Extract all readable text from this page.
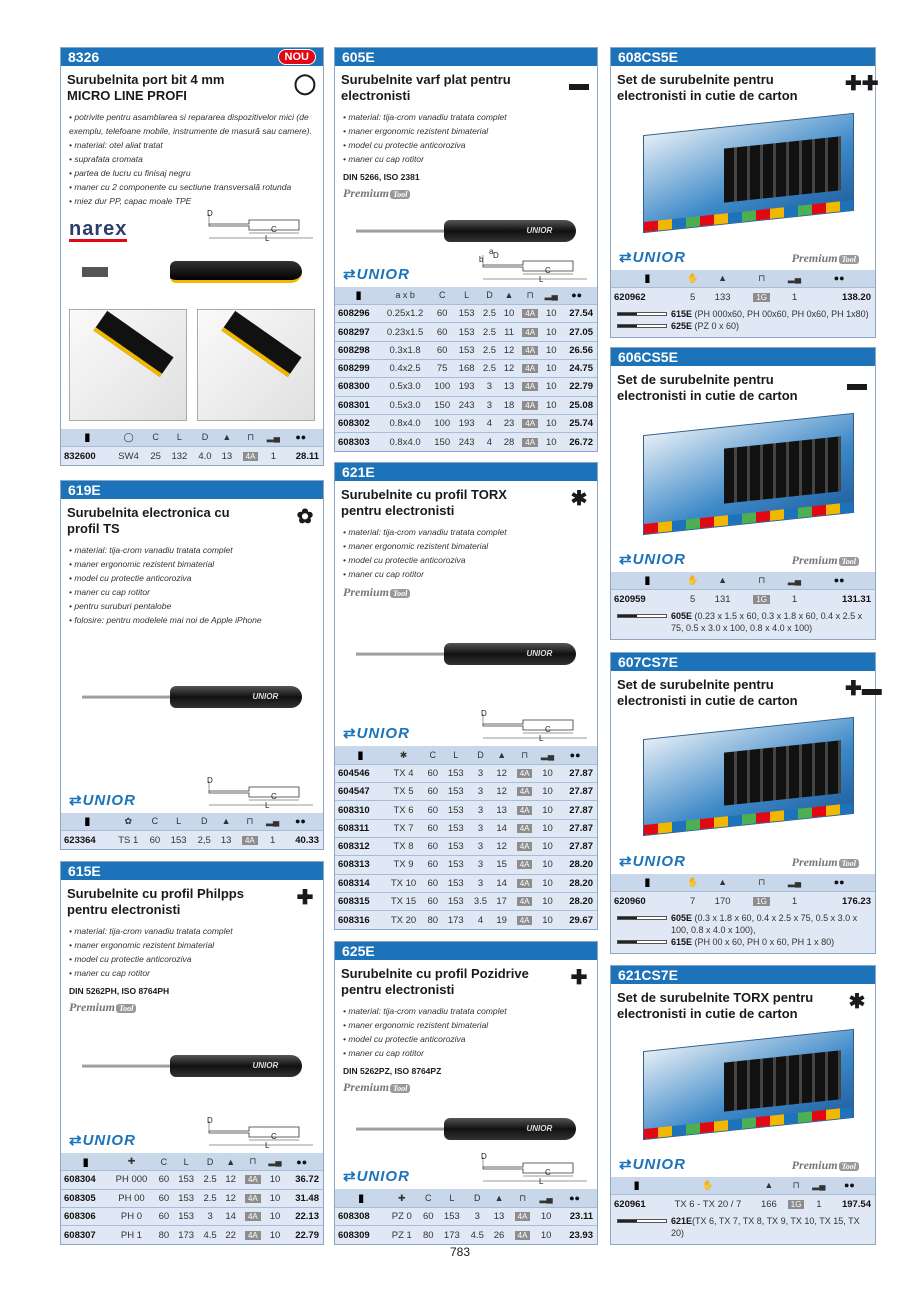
8326	NOU
Surubelnita port bit 4 mm
MICRO LINE PROFI
◯
• potrivite pentru asamblarea si repararea dispozitivelor mici (de exemplu, telefoane mobile, instrumente de masură sau camere).
• material: otel aliat tratat
• suprafata cromata
• partea de lucru cu finisaj negru
• maner cu 2 componente cu sectiune transversală rotunda
• miez dur PP, capac moale TPE
narex
D
C
L
|||||||	◯	C	L	D	▲	⊓	▂▄	●●
832600	SW4	25	132	4.0	13	4A	1	28.11
619E
Surubelnita electronica cu
profil TS
✿
• material: tija-crom vanadiu tratata complet
• maner ergonomic rezistent bimaterial
• model cu protectie anticoroziva
• maner cu cap rotitor
• pentru suruburi pentalobe
• folosire: pentru modelele mai noi de Apple iPhone
UNIOR
⇄ UNIOR
D
C
L
|||||||	✿	C	L	D	▲	⊓	▂▄	●●
623364	TS 1	60	153	2,5	13	4A	1	40.33
615E
Surubelnite cu profil Philpps
pentru electronisti
✚
• material: tija-crom vanadiu tratata complet
• maner ergonomic rezistent bimaterial
• model cu protectie anticoroziva
• maner cu cap rotitor
DIN 5262PH, ISO 8764PH
Premium Tool
UNIOR
⇄ UNIOR
D
C
L
|||||||	✚	C	L	D	▲	⊓	▂▄	●●
608304	PH 000	60	153	2.5	12	4A	10	36.72
608305	PH 00	60	153	2.5	12	4A	10	31.48
608306	PH 0	60	153	3	14	4A	10	22.13
608307	PH 1	80	173	4.5	22	4A	10	22.79
605E
Surubelnite varf plat pentru
electronisti
▬
• material: tija-crom vanadiu tratata complet
• maner ergonomic rezistent bimaterial
• model cu protectie anticoroziva
• maner cu cap rotitor
DIN 5266, ISO 2381
Premium Tool
UNIOR
⇄ UNIOR
a
b D
C
L
|||||||	a x b	C	L	D	▲	⊓	▂▄	●●
608296	0.25x1.2	60	153	2.5	10	4A	10	27.54
608297	0.23x1.5	60	153	2.5	11	4A	10	27.05
608298	0.3x1.8	60	153	2.5	12	4A	10	26.56
608299	0.4x2.5	75	168	2.5	12	4A	10	24.75
608300	0.5x3.0	100	193	3	13	4A	10	22.79
608301	0.5x3.0	150	243	3	18	4A	10	25.08
608302	0.8x4.0	100	193	4	23	4A	10	25.74
608303	0.8x4.0	150	243	4	28	4A	10	26.72
621E
Surubelnite cu profil TORX
pentru electronisti
✱
• material: tija-crom vanadiu tratata complet
• maner ergonomic rezistent bimaterial
• model cu protectie anticoroziva
• maner cu cap rotitor
Premium Tool
UNIOR
⇄ UNIOR
D
C
L
|||||||	✱	C	L	D	▲	⊓	▂▄	●●
604546	TX 4	60	153	3	12	4A	10	27.87
604547	TX 5	60	153	3	12	4A	10	27.87
608310	TX 6	60	153	3	13	4A	10	27.87
608311	TX 7	60	153	3	14	4A	10	27.87
608312	TX 8	60	153	3	12	4A	10	27.87
608313	TX 9	60	153	3	15	4A	10	28.20
608314	TX 10	60	153	3	14	4A	10	28.20
608315	TX 15	60	153	3.5	17	4A	10	28.20
608316	TX 20	80	173	4	19	4A	10	29.67
625E
Surubelnite cu profil Pozidrive
pentru electronisti
✚
• material: tija-crom vanadiu tratata complet
• maner ergonomic rezistent bimaterial
• model cu protectie anticoroziva
• maner cu cap rotitor
DIN 5262PZ, ISO 8764PZ
Premium Tool
UNIOR
⇄ UNIOR
D
C
L
|||||||	✚	C	L	D	▲	⊓	▂▄	●●
608308	PZ 0	60	153	3	13	4A	10	23.11
608309	PZ 1	80	173	4.5	26	4A	10	23.93
608CS5E
Set de surubelnite pentru
electronisti in cutie de carton
✚✚
⇄ UNIOR	Premium Tool
|||||||	✋	▲	⊓	▂▄	●●
620962	5	133	1G	1	138.20
615E (PH 000x60, PH 00x60, PH 0x60, PH 1x80)
625E (PZ 0 x 60)
606CS5E
Set de surubelnite pentru
electronisti in cutie de carton
▬
⇄ UNIOR	Premium Tool
|||||||	✋	▲	⊓	▂▄	●●
620959	5	131	1G	1	131.31
605E (0.23 x 1.5 x 60, 0.3 x 1.8 x 60, 0.4 x 2.5 x 75, 0.5 x 3.0 x 100, 0.8 x 4.0 x 100)
607CS7E
Set de surubelnite pentru
electronisti in cutie de carton
✚▬
⇄ UNIOR	Premium Tool
|||||||	✋	▲	⊓	▂▄	●●
620960	7	170	1G	1	176.23
605E (0.3 x 1.8 x 60, 0.4 x 2.5 x 75, 0.5 x 3.0 x 100, 0.8 x 4.0 x 100),
615E (PH 00 x 60, PH 0 x 60, PH 1 x 80)
621CS7E
Set de surubelnite TORX pentru
electronisti in cutie de carton
✱
⇄ UNIOR	Premium Tool
|||||||	✋	▲	⊓	▂▄	●●
620961	TX 6 - TX 20 / 7	166	1G	1	197.54
621E(TX 6, TX 7, TX 8, TX 9, TX 10, TX 15, TX 20)
783
